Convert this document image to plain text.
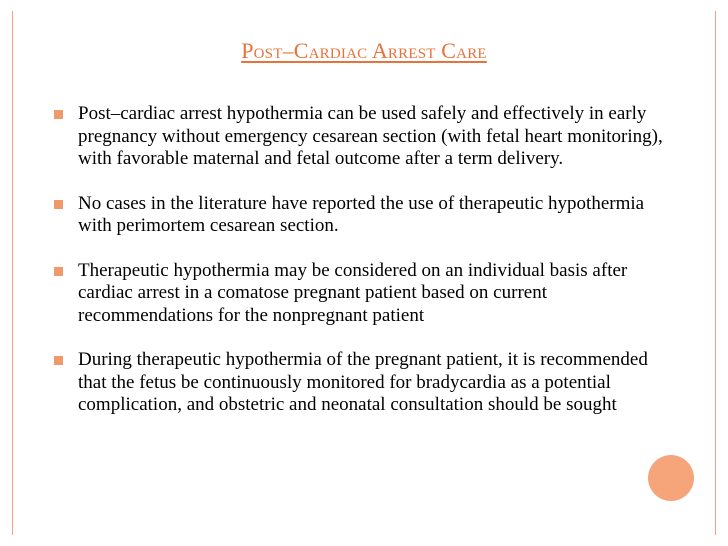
Post–Cardiac Arrest Care
Post–cardiac arrest hypothermia can be used safely and effectively in early pregnancy without emergency cesarean section (with fetal heart monitoring), with favorable maternal and fetal outcome after a term delivery.
No cases in the literature have reported the use of therapeutic hypothermia with perimortem cesarean section.
Therapeutic hypothermia may be considered on an individual basis after cardiac arrest in a comatose pregnant patient based on current recommendations for the nonpregnant patient
During therapeutic hypothermia of the pregnant patient, it is recommended that the fetus be continuously monitored for bradycardia as a potential complication, and obstetric and neonatal consultation should be sought
